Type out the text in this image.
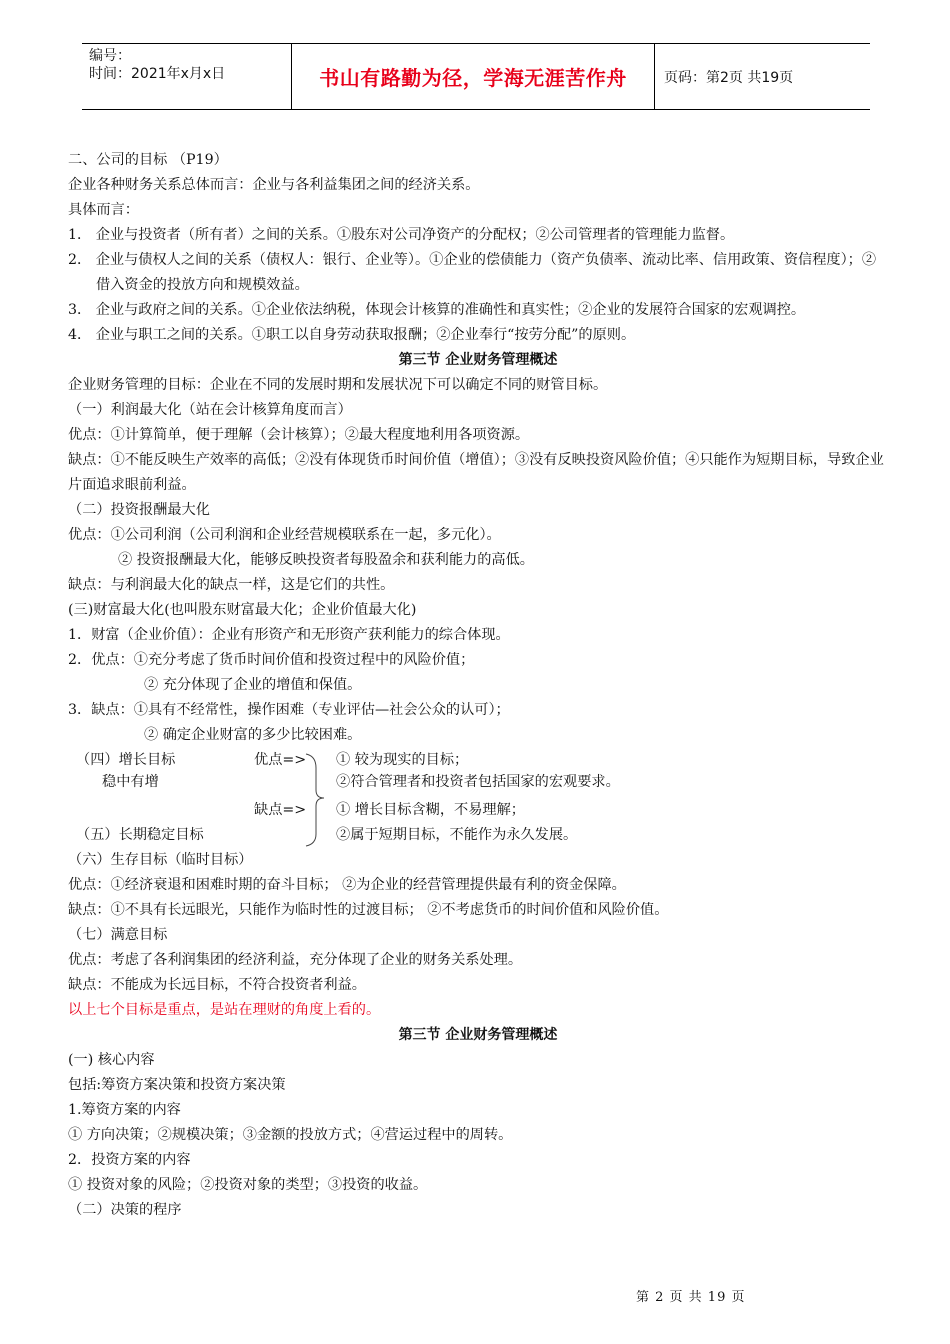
编号：
时间：2021年x月x日	书山有路勤为径，学海无涯苦作舟	页码：第2页 共19页
二、公司的目标 （P19）
企业各种财务关系总体而言：企业与各利益集团之间的经济关系。
具体而言：
1． 企业与投资者（所有者）之间的关系。①股东对公司净资产的分配权；②公司管理者的管理能力监督。
2． 企业与债权人之间的关系（债权人：银行、企业等）。①企业的偿债能力（资产负债率、流动比率、信用政策、资信程度）；②借入资金的投放方向和规模效益。
3． 企业与政府之间的关系。①企业依法纳税，体现会计核算的准确性和真实性；②企业的发展符合国家的宏观调控。
4． 企业与职工之间的关系。①职工以自身劳动获取报酬；②企业奉行“按劳分配”的原则。
第三节 企业财务管理概述
企业财务管理的目标：企业在不同的发展时期和发展状况下可以确定不同的财管目标。
（一）利润最大化（站在会计核算角度而言）
优点：①计算简单，便于理解（会计核算）；②最大程度地利用各项资源。
缺点：①不能反映生产效率的高低；②没有体现货币时间价值（增值）；③没有反映投资风险价值；④只能作为短期目标，导致企业片面追求眼前利益。
（二）投资报酬最大化
优点：①公司利润（公司利润和企业经营规模联系在一起，多元化）。
② 投资报酬最大化，能够反映投资者每股盈余和获利能力的高低。
缺点：与利润最大化的缺点一样，这是它们的共性。
(三)财富最大化(也叫股东财富最大化；企业价值最大化)
1．财富（企业价值）：企业有形资产和无形资产获利能力的综合体现。
2．优点：①充分考虑了货币时间价值和投资过程中的风险价值；
② 充分体现了企业的增值和保值。
3．缺点：①具有不经常性，操作困难（专业评估—社会公众的认可）；
② 确定企业财富的多少比较困难。
（四）增长目标
稳中有增
（五）长期稳定目标
优点=>
缺点=>
① 较为现实的目标；
②符合管理者和投资者包括国家的宏观要求。
① 增长目标含糊，不易理解；
②属于短期目标，不能作为永久发展。
（六）生存目标（临时目标）
优点：①经济衰退和困难时期的奋斗目标； ②为企业的经营管理提供最有利的资金保障。
缺点：①不具有长远眼光，只能作为临时性的过渡目标； ②不考虑货币的时间价值和风险价值。
（七）满意目标
优点：考虑了各利润集团的经济利益，充分体现了企业的财务关系处理。
缺点：不能成为长远目标，不符合投资者利益。
以上七个目标是重点，是站在理财的角度上看的。
第三节 企业财务管理概述
(一) 核心内容
包括:筹资方案决策和投资方案决策
1.筹资方案的内容
① 方向决策；②规模决策；③金额的投放方式；④营运过程中的周转。
2．投资方案的内容
① 投资对象的风险；②投资对象的类型；③投资的收益。
（二）决策的程序
第 2 页 共 19 页
